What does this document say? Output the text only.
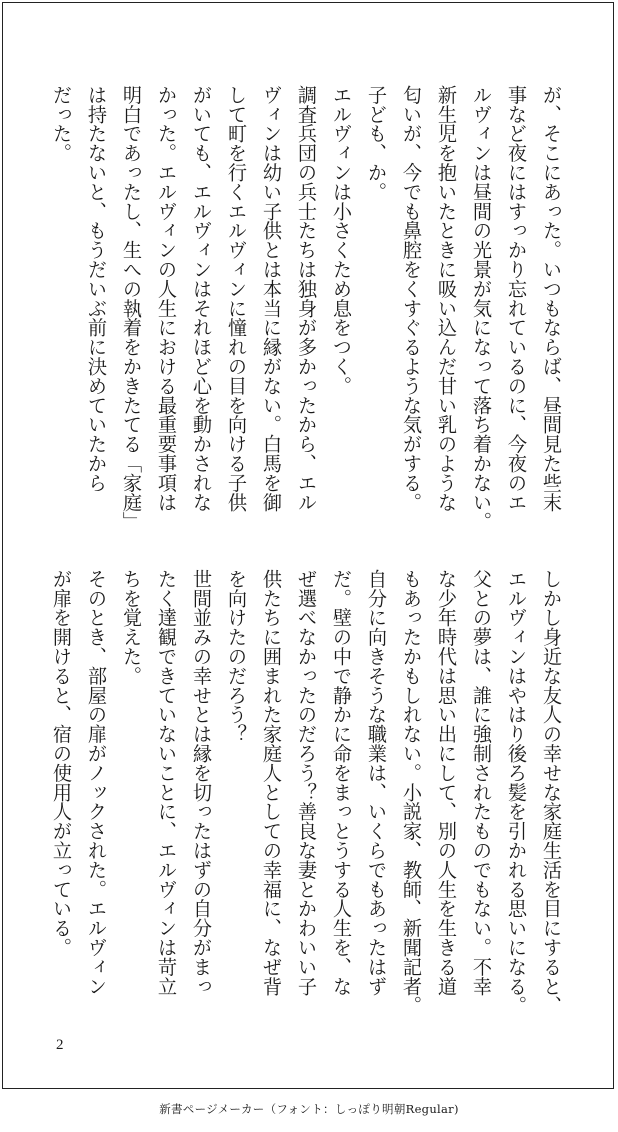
が、そこにあった。いつもならば、昼間見た些末
事など夜にはすっかり忘れているのに、今夜のエ
ルヴィンは昼間の光景が気になって落ち着かない。
新生児を抱いたときに吸い込んだ甘い乳のような
匂いが、今でも鼻腔をくすぐるような気がする。
子ども、か。
エルヴィンは小さくため息をつく。
調査兵団の兵士たちは独身が多かったから、エル
ヴィンは幼い子供とは本当に縁がない。白馬を御
して町を行くエルヴィンに憧れの目を向ける子供
がいても、エルヴィンはそれほど心を動かされな
かった。エルヴィンの人生における最重要事項は
明白であったし、生への執着をかきたてる「家庭」
は持たないと、もうだいぶ前に決めていたから
だった。
しかし身近な友人の幸せな家庭生活を目にすると、
エルヴィンはやはり後ろ髪を引かれる思いになる。
父との夢は、誰に強制されたものでもない。不幸
な少年時代は思い出にして、別の人生を生きる道
もあったかもしれない。小説家、教師、新聞記者。
自分に向きそうな職業は、いくらでもあったはず
だ。壁の中で静かに命をまっとうする人生を、な
ぜ選べなかったのだろう？善良な妻とかわいい子
供たちに囲まれた家庭人としての幸福に、なぜ背
を向けたのだろう？
世間並みの幸せとは縁を切ったはずの自分がまっ
たく達観できていないことに、エルヴィンは苛立
ちを覚えた。
そのとき、部屋の扉がノックされた。エルヴィン
が扉を開けると、宿の使用人が立っている。
2
新書ページメーカー（フォント：しっぽり明朝Regular)
